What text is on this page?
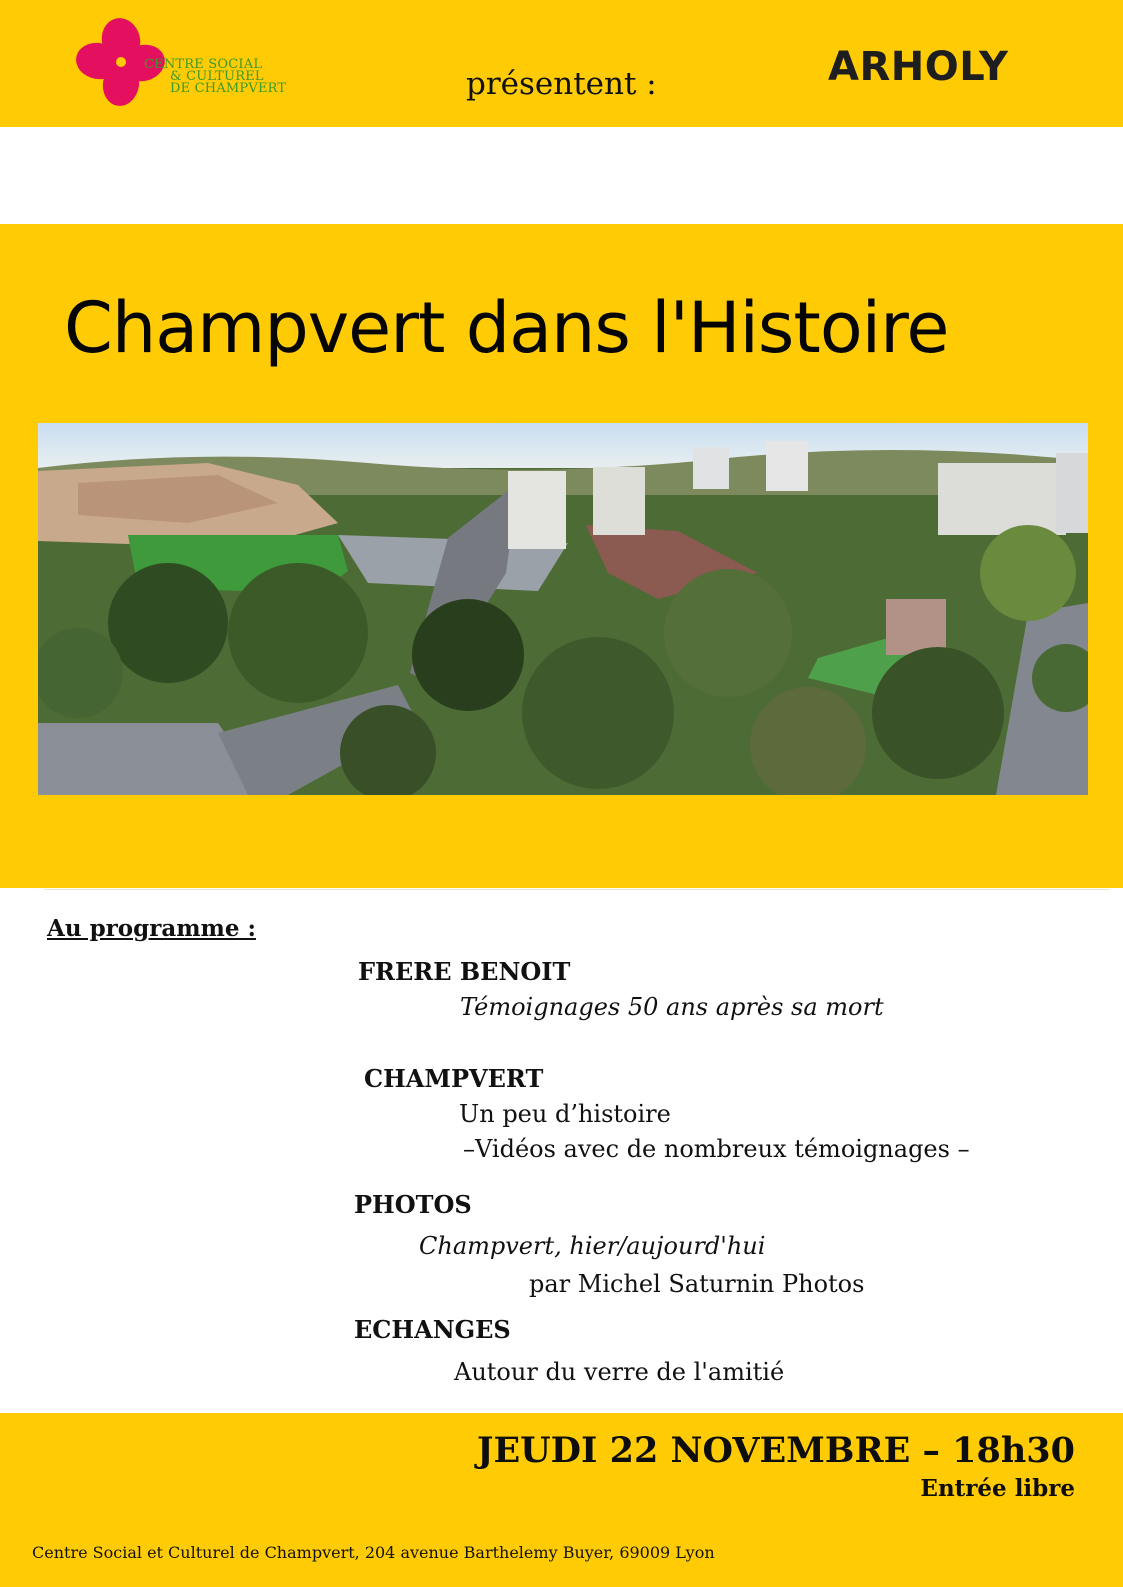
CENTRE SOCIAL
& CULTUREL
DE CHAMPVERT	présentent :	ARHOLY
Champvert dans l'Histoire
Au programme :
FRERE BENOIT
Témoignages 50 ans après sa mort
CHAMPVERT
Un peu d’histoire
–Vidéos avec de nombreux témoignages –
PHOTOS
Champvert, hier/aujourd'hui
par Michel Saturnin Photos
ECHANGES
Autour du verre de l'amitié
JEUDI 22 NOVEMBRE – 18h30
Entrée libre
Centre Social et Culturel de Champvert, 204 avenue Barthelemy Buyer, 69009 Lyon
